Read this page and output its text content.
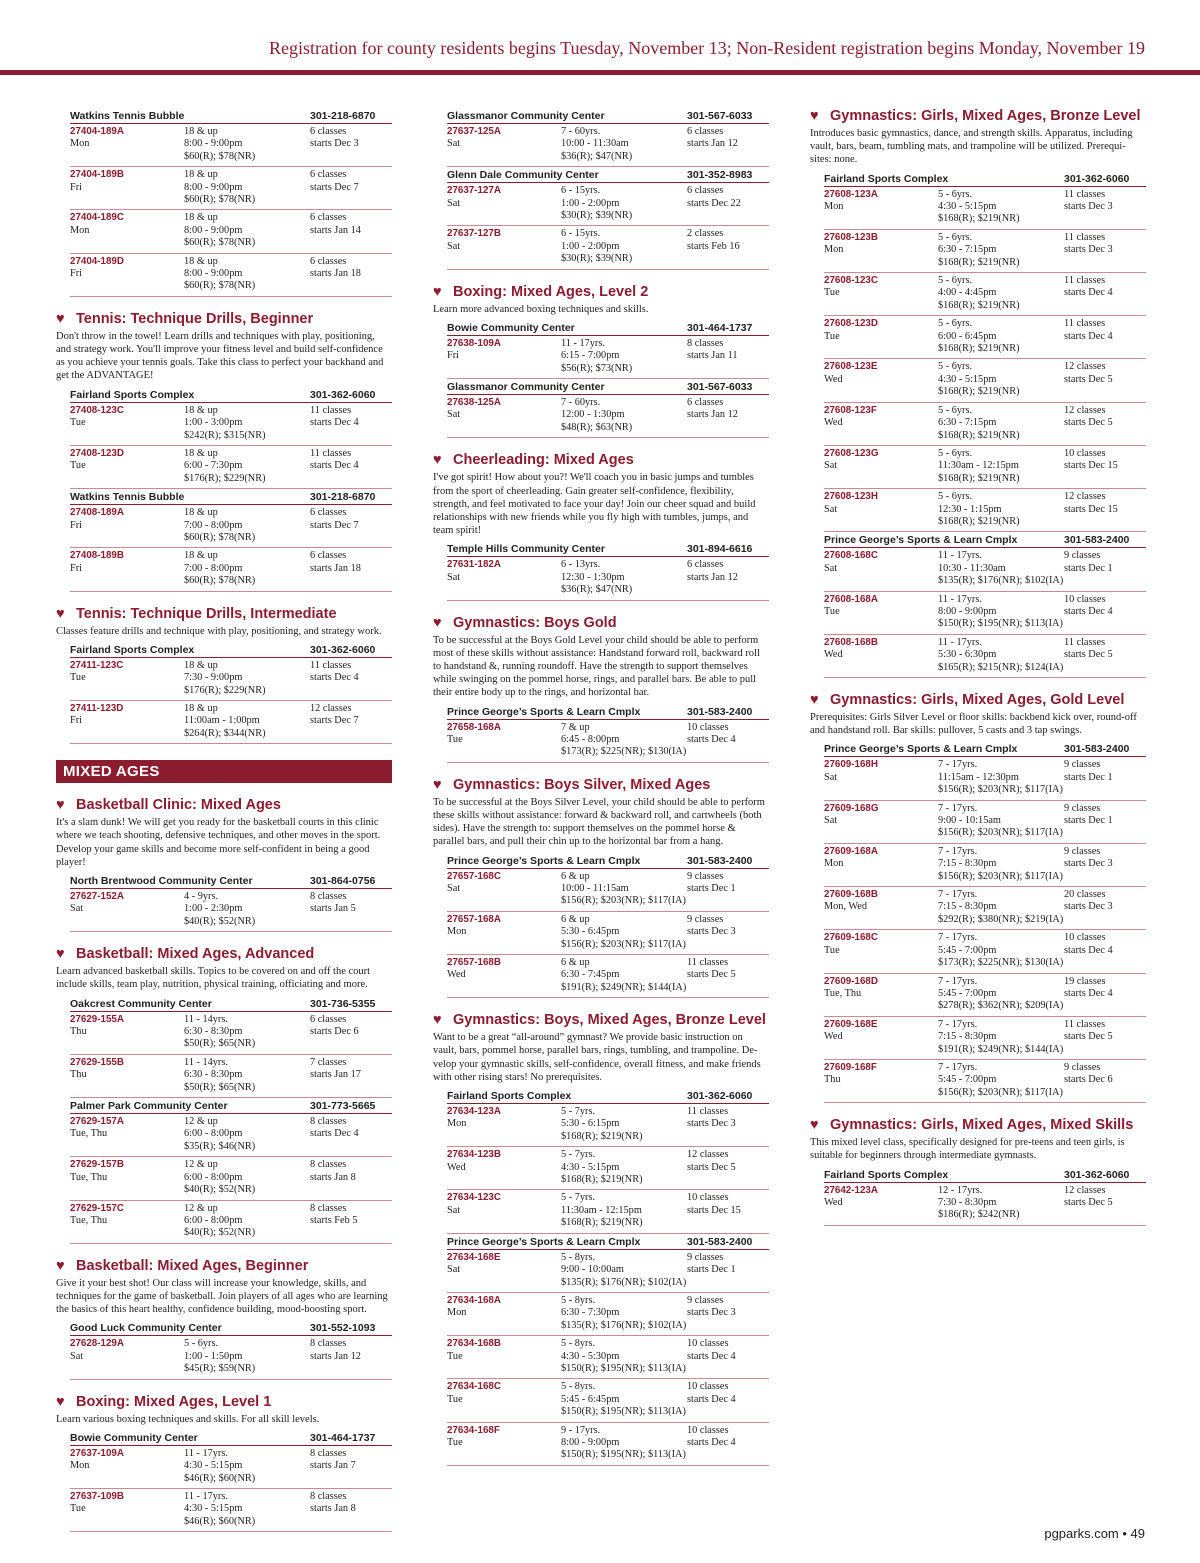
Registration for county residents begins Tuesday, November 13; Non-Resident registration begins Monday, November 19
Watkins Tennis Bubble	301-218-6870
27404-189A	18 & up	6 classes
Mon	8:00 - 9:00pm	starts Dec 3
$60(R); $78(NR)
27404-189B	18 & up	6 classes
Fri	8:00 - 9:00pm	starts Dec 7
$60(R); $78(NR)
27404-189C	18 & up	6 classes
Mon	8:00 - 9:00pm	starts Jan 14
$60(R); $78(NR)
27404-189D	18 & up	6 classes
Fri	8:00 - 9:00pm	starts Jan 18
$60(R); $78(NR)
♥ Tennis: Technique Drills, Beginner
Don't throw in the towel! Learn drills and techniques with play, positioning, and strategy work. You'll improve your fitness level and build self-confidence as you achieve your tennis goals. Take this class to perfect your backhand and get the ADVANTAGE!
Fairland Sports Complex	301-362-6060
27408-123C	18 & up	11 classes
Tue	1:00 - 3:00pm	starts Dec 4
$242(R); $315(NR)
27408-123D	18 & up	11 classes
Tue	6:00 - 7:30pm	starts Dec 4
$176(R); $229(NR)
Watkins Tennis Bubble	301-218-6870
27408-189A	18 & up	6 classes
Fri	7:00 - 8:00pm	starts Dec 7
$60(R); $78(NR)
27408-189B	18 & up	6 classes
Fri	7:00 - 8:00pm	starts Jan 18
$60(R); $78(NR)
♥ Tennis: Technique Drills, Intermediate
Classes feature drills and technique with play, positioning, and strategy work.
Fairland Sports Complex	301-362-6060
27411-123C	18 & up	11 classes
Tue	7:30 - 9:00pm	starts Dec 4
$176(R); $229(NR)
27411-123D	18 & up	12 classes
Fri	11:00am - 1:00pm	starts Dec 7
$264(R); $344(NR)
MIXED AGES
♥ Basketball Clinic: Mixed Ages
It's a slam dunk! We will get you ready for the basketball courts in this clinic where we teach shooting, defensive techniques, and other moves in the sport. Develop your game skills and become more self-confident in being a good player!
North Brentwood Community Center	301-864-0756
27627-152A	4 - 9yrs.	8 classes
Sat	1:00 - 2:30pm	starts Jan 5
$40(R); $52(NR)
♥ Basketball: Mixed Ages, Advanced
Learn advanced basketball skills. Topics to be covered on and off the court include skills, team play, nutrition, physical training, officiating and more.
Oakcrest Community Center	301-736-5355
27629-155A	11 - 14yrs.	6 classes
Thu	6:30 - 8:30pm	starts Dec 6
$50(R); $65(NR)
27629-155B	11 - 14yrs.	7 classes
Thu	6:30 - 8:30pm	starts Jan 17
$50(R); $65(NR)
Palmer Park Community Center	301-773-5665
27629-157A	12 & up	8 classes
Tue, Thu	6:00 - 8:00pm	starts Dec 4
$35(R); $46(NR)
27629-157B	12 & up	8 classes
Tue, Thu	6:00 - 8:00pm	starts Jan 8
$40(R); $52(NR)
27629-157C	12 & up	8 classes
Tue, Thu	6:00 - 8:00pm	starts Feb 5
$40(R); $52(NR)
♥ Basketball: Mixed Ages, Beginner
Give it your best shot! Our class will increase your knowledge, skills, and techniques for the game of basketball. Join players of all ages who are learning the basics of this heart healthy, confidence building, mood-boosting sport.
Good Luck Community Center	301-552-1093
27628-129A	5 - 6yrs.	8 classes
Sat	1:00 - 1:50pm	starts Jan 12
$45(R); $59(NR)
♥ Boxing: Mixed Ages, Level 1
Learn various boxing techniques and skills. For all skill levels.
Bowie Community Center	301-464-1737
27637-109A	11 - 17yrs.	8 classes
Mon	4:30 - 5:15pm	starts Jan 7
$46(R); $60(NR)
27637-109B	11 - 17yrs.	8 classes
Tue	4:30 - 5:15pm	starts Jan 8
$46(R); $60(NR)
Glassmanor Community Center	301-567-6033
27637-125A	7 - 60yrs.	6 classes
Sat	10:00 - 11:30am	starts Jan 12
$36(R); $47(NR)
Glenn Dale Community Center	301-352-8983
27637-127A	6 - 15yrs.	6 classes
Sat	1:00 - 2:00pm	starts Dec 22
$30(R); $39(NR)
27637-127B	6 - 15yrs.	2 classes
Sat	1:00 - 2:00pm	starts Feb 16
$30(R); $39(NR)
♥ Boxing: Mixed Ages, Level 2
Learn more advanced boxing techniques and skills.
Bowie Community Center	301-464-1737
27638-109A	11 - 17yrs.	8 classes
Fri	6:15 - 7:00pm	starts Jan 11
$56(R); $73(NR)
Glassmanor Community Center	301-567-6033
27638-125A	7 - 60yrs.	6 classes
Sat	12:00 - 1:30pm	starts Jan 12
$48(R); $63(NR)
♥ Cheerleading: Mixed Ages
I've got spirit! How about you?! We'll coach you in basic jumps and tumbles from the sport of cheerleading. Gain greater self-confidence, flexibility, strength, and feel motivated to face your day! Join our cheer squad and build relationships with new friends while you fly high with tumbles, jumps, and team spirit!
Temple Hills Community Center	301-894-6616
27631-182A	6 - 13yrs.	6 classes
Sat	12:30 - 1:30pm	starts Jan 12
$36(R); $47(NR)
♥ Gymnastics: Boys Gold
To be successful at the Boys Gold Level your child should be able to perform most of these skills without assistance: Handstand forward roll, backward roll to handstand &, running roundoff. Have the strength to support themselves while swinging on the pommel horse, rings, and parallel bars. Be able to pull their entire body up to the rings, and horizontal bar.
Prince George’s Sports & Learn Cmplx	301-583-2400
27658-168A	7 & up	10 classes
Tue	6:45 - 8:00pm	starts Dec 4
$173(R); $225(NR); $130(IA)
♥ Gymnastics: Boys Silver, Mixed Ages
To be successful at the Boys Silver Level, your child should be able to perform these skills without assistance: forward & backward roll, and cartwheels (both sides). Have the strength to: support themselves on the pommel horse & parallel bars, and pull their chin up to the horizontal bar from a hang.
Prince George’s Sports & Learn Cmplx	301-583-2400
27657-168C	6 & up	9 classes
Sat	10:00 - 11:15am	starts Dec 1
$156(R); $203(NR); $117(IA)
27657-168A	6 & up	9 classes
Mon	5:30 - 6:45pm	starts Dec 3
$156(R); $203(NR); $117(IA)
27657-168B	6 & up	11 classes
Wed	6:30 - 7:45pm	starts Dec 5
$191(R); $249(NR); $144(IA)
♥ Gymnastics: Boys, Mixed Ages, Bronze Level
Want to be a great “all-around” gymnast? We provide basic instruction on vault, bars, pommel horse, parallel bars, rings, tumbling, and trampoline. De-velop your gymnastic skills, self-confidence, overall fitness, and make friends with other rising stars! No prerequisites.
Fairland Sports Complex	301-362-6060
27634-123A	5 - 7yrs.	11 classes
Mon	5:30 - 6:15pm	starts Dec 3
$168(R); $219(NR)
27634-123B	5 - 7yrs.	12 classes
Wed	4:30 - 5:15pm	starts Dec 5
$168(R); $219(NR)
27634-123C	5 - 7yrs.	10 classes
Sat	11:30am - 12:15pm	starts Dec 15
$168(R); $219(NR)
Prince George’s Sports & Learn Cmplx	301-583-2400
27634-168E	5 - 8yrs.	9 classes
Sat	9:00 - 10:00am	starts Dec 1
$135(R); $176(NR); $102(IA)
27634-168A	5 - 8yrs.	9 classes
Mon	6:30 - 7:30pm	starts Dec 3
$135(R); $176(NR); $102(IA)
27634-168B	5 - 8yrs.	10 classes
Tue	4:30 - 5:30pm	starts Dec 4
$150(R); $195(NR); $113(IA)
27634-168C	5 - 8yrs.	10 classes
Tue	5:45 - 6:45pm	starts Dec 4
$150(R); $195(NR); $113(IA)
27634-168F	9 - 17yrs.	10 classes
Tue	8:00 - 9:00pm	starts Dec 4
$150(R); $195(NR); $113(IA)
♥ Gymnastics: Girls, Mixed Ages, Bronze Level
Introduces basic gymnastics, dance, and strength skills. Apparatus, including vault, bars, beam, tumbling mats, and trampoline will be utilized. Prerequi-sites: none.
Fairland Sports Complex	301-362-6060
27608-123A	5 - 6yrs.	11 classes
Mon	4:30 - 5:15pm	starts Dec 3
$168(R); $219(NR)
27608-123B	5 - 6yrs.	11 classes
Mon	6:30 - 7:15pm	starts Dec 3
$168(R); $219(NR)
27608-123C	5 - 6yrs.	11 classes
Tue	4:00 - 4:45pm	starts Dec 4
$168(R); $219(NR)
27608-123D	5 - 6yrs.	11 classes
Tue	6:00 - 6:45pm	starts Dec 4
$168(R); $219(NR)
27608-123E	5 - 6yrs.	12 classes
Wed	4:30 - 5:15pm	starts Dec 5
$168(R); $219(NR)
27608-123F	5 - 6yrs.	12 classes
Wed	6:30 - 7:15pm	starts Dec 5
$168(R); $219(NR)
27608-123G	5 - 6yrs.	10 classes
Sat	11:30am - 12:15pm	starts Dec 15
$168(R); $219(NR)
27608-123H	5 - 6yrs.	12 classes
Sat	12:30 - 1:15pm	starts Dec 15
$168(R); $219(NR)
Prince George’s Sports & Learn Cmplx	301-583-2400
27608-168C	11 - 17yrs.	9 classes
Sat	10:30 - 11:30am	starts Dec 1
$135(R); $176(NR); $102(IA)
27608-168A	11 - 17yrs.	10 classes
Tue	8:00 - 9:00pm	starts Dec 4
$150(R); $195(NR); $113(IA)
27608-168B	11 - 17yrs.	11 classes
Wed	5:30 - 6:30pm	starts Dec 5
$165(R); $215(NR); $124(IA)
♥ Gymnastics: Girls, Mixed Ages, Gold Level
Prerequisites: Girls Silver Level or floor skills: backbend kick over, round-off and handstand roll. Bar skills: pullover, 5 casts and 3 tap swings.
Prince George’s Sports & Learn Cmplx	301-583-2400
27609-168H	7 - 17yrs.	9 classes
Sat	11:15am - 12:30pm	starts Dec 1
$156(R); $203(NR); $117(IA)
27609-168G	7 - 17yrs.	9 classes
Sat	9:00 - 10:15am	starts Dec 1
$156(R); $203(NR); $117(IA)
27609-168A	7 - 17yrs.	9 classes
Mon	7:15 - 8:30pm	starts Dec 3
$156(R); $203(NR); $117(IA)
27609-168B	7 - 17yrs.	20 classes
Mon, Wed	7:15 - 8:30pm	starts Dec 3
$292(R); $380(NR); $219(IA)
27609-168C	7 - 17yrs.	10 classes
Tue	5:45 - 7:00pm	starts Dec 4
$173(R); $225(NR); $130(IA)
27609-168D	7 - 17yrs.	19 classes
Tue, Thu	5:45 - 7:00pm	starts Dec 4
$278(R); $362(NR); $209(IA)
27609-168E	7 - 17yrs.	11 classes
Wed	7:15 - 8:30pm	starts Dec 5
$191(R); $249(NR); $144(IA)
27609-168F	7 - 17yrs.	9 classes
Thu	5:45 - 7:00pm	starts Dec 6
$156(R); $203(NR); $117(IA)
♥ Gymnastics: Girls, Mixed Ages, Mixed Skills
This mixed level class, specifically designed for pre-teens and teen girls, is suitable for beginners through intermediate gymnasts.
Fairland Sports Complex	301-362-6060
27642-123A	12 - 17yrs.	12 classes
Wed	7:30 - 8:30pm	starts Dec 5
$186(R); $242(NR)
pgparks.com • 49
